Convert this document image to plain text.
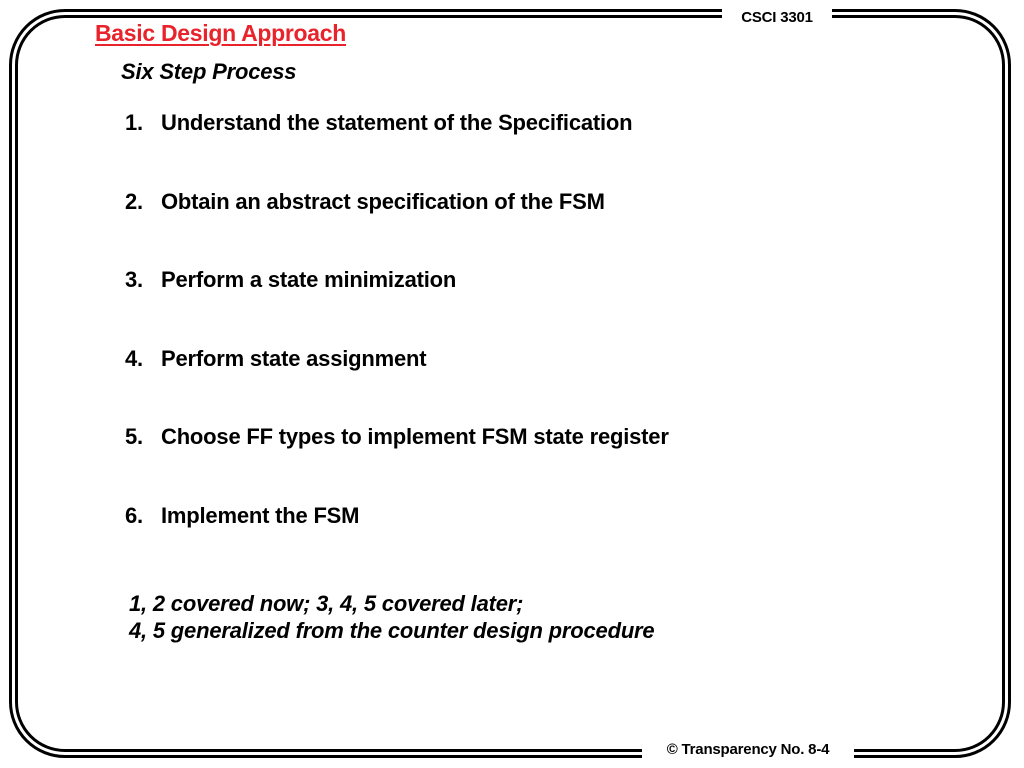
CSCI 3301
Basic Design Approach
Six Step Process
1. Understand the statement of the Specification
2. Obtain an abstract specification of the FSM
3. Perform a state minimization
4. Perform state assignment
5. Choose FF types to implement FSM state register
6. Implement the FSM
1, 2 covered now; 3, 4, 5 covered later;
4, 5 generalized from the counter design procedure
© Transparency No. 8-4
